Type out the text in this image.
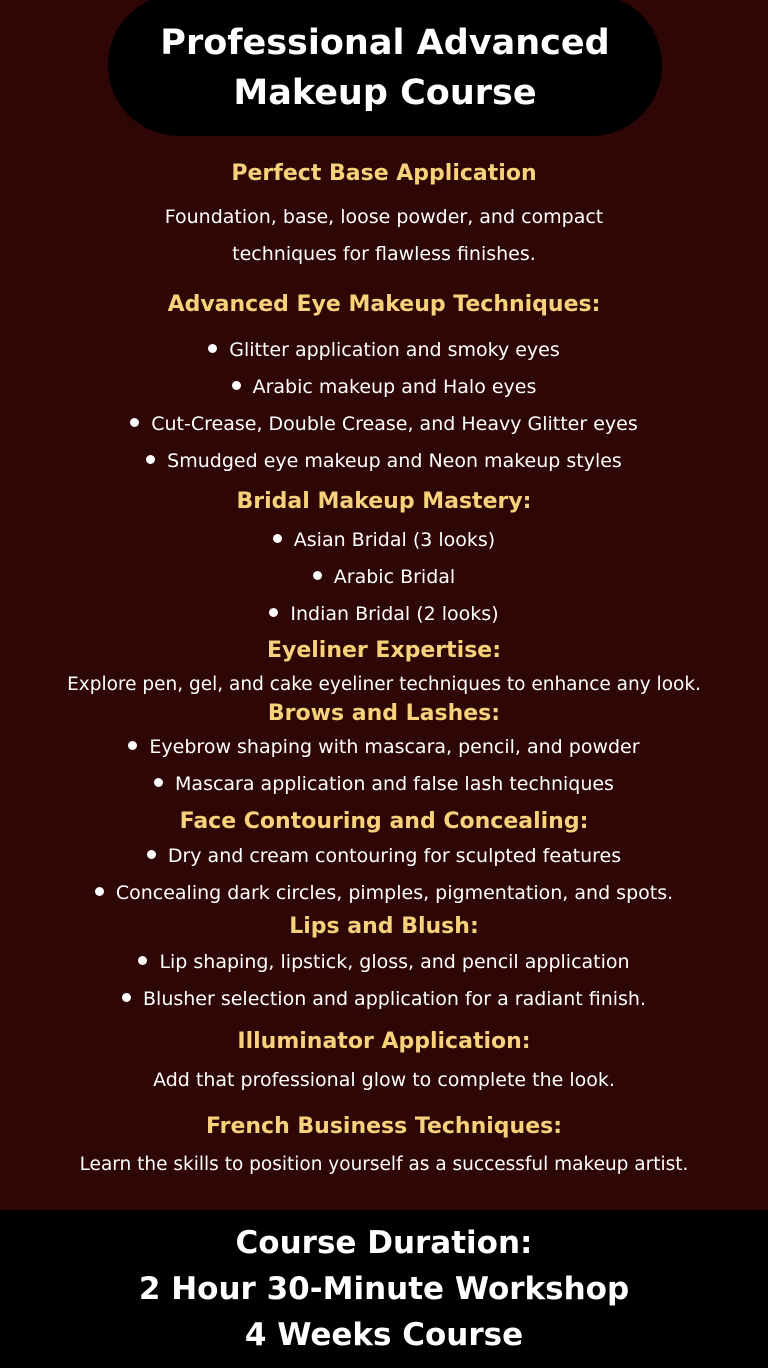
Professional Advanced
Makeup Course
Perfect Base Application
Foundation, base, loose powder, and compact
techniques for flawless finishes.
Advanced Eye Makeup Techniques:
Glitter application and smoky eyes
Arabic makeup and Halo eyes
Cut-Crease, Double Crease, and Heavy Glitter eyes
Smudged eye makeup and Neon makeup styles
Bridal Makeup Mastery:
Asian Bridal (3 looks)
Arabic Bridal
Indian Bridal (2 looks)
Eyeliner Expertise:
Explore pen, gel, and cake eyeliner techniques to enhance any look.
Brows and Lashes:
Eyebrow shaping with mascara, pencil, and powder
Mascara application and false lash techniques
Face Contouring and Concealing:
Dry and cream contouring for sculpted features
Concealing dark circles, pimples, pigmentation, and spots.
Lips and Blush:
Lip shaping, lipstick, gloss, and pencil application
Blusher selection and application for a radiant finish.
Illuminator Application:
Add that professional glow to complete the look.
French Business Techniques:
Learn the skills to position yourself as a successful makeup artist.
Course Duration:
2 Hour 30-Minute Workshop
4 Weeks Course
